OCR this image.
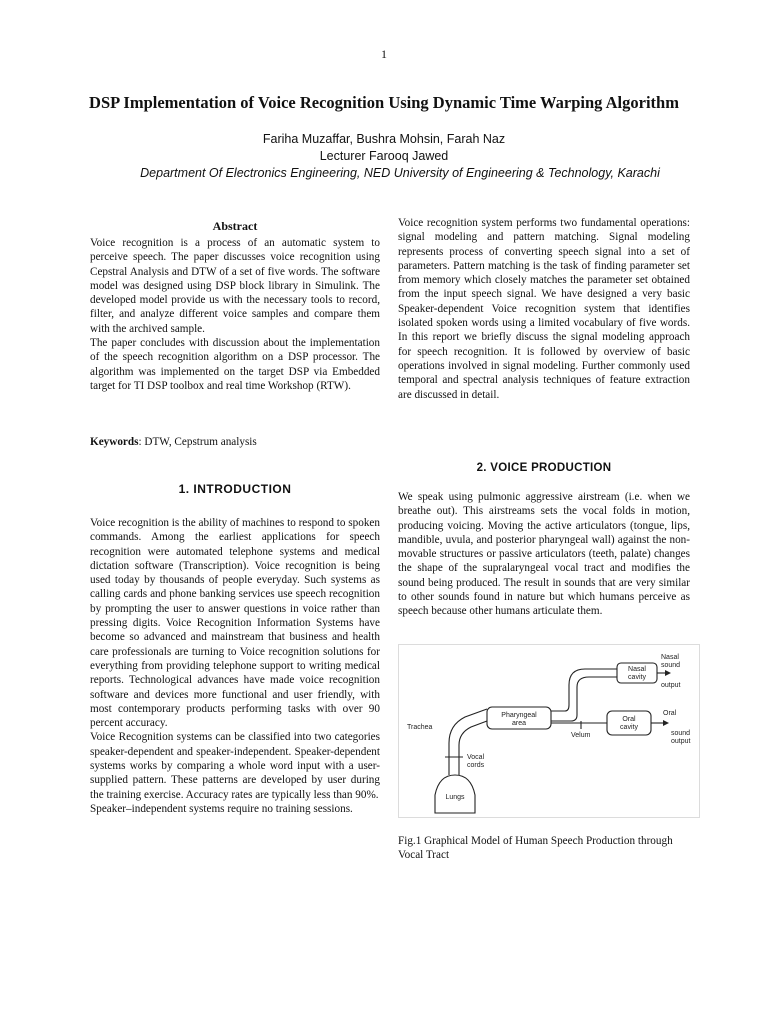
1
DSP Implementation of Voice Recognition Using Dynamic Time Warping Algorithm
Fariha Muzaffar, Bushra Mohsin, Farah Naz
Lecturer Farooq Jawed
Department Of Electronics Engineering, NED University of Engineering & Technology, Karachi
Abstract

Voice recognition is a process of an automatic system to perceive speech. The paper discusses voice recognition using Cepstral Analysis and DTW of a set of five words. The software model was designed using DSP block library in Simulink. The developed model provide us with the necessary tools to record, filter, and analyze different voice samples and compare them with the archived sample.

The paper concludes with discussion about the implementation of the speech recognition algorithm on a DSP processor. The algorithm was implemented on the target DSP via Embedded target for TI DSP toolbox and real time Workshop (RTW).

Keywords: DTW, Cepstrum analysis
1. INTRODUCTION

Voice recognition is the ability of machines to respond to spoken commands. Among the earliest applications for speech recognition were automated telephone systems and medical dictation software (Transcription). Voice recognition is being used today by thousands of people everyday. Such systems as calling cards and phone banking services use speech recognition by prompting the user to answer questions in voice rather than pressing digits. Voice Recognition Information Systems have become so advanced and mainstream that business and health care professionals are turning to Voice recognition solutions for everything from providing telephone support to writing medical reports. Technological advances have made voice recognition software and devices more functional and user friendly, with most contemporary products performing tasks with over 90 percent accuracy.

Voice Recognition systems can be classified into two categories speaker-dependent and speaker-independent. Speaker-dependent systems works by comparing a whole word input with a user-supplied pattern. These patterns are developed by user during the training exercise. Accuracy rates are typically less than 90%.

Speaker–independent systems require no training sessions.

Voice recognition system performs two fundamental operations: signal modeling and pattern matching. Signal modeling represents process of converting speech signal into a set of parameters. Pattern matching is the task of finding parameter set from memory which closely matches the parameter set obtained from the input speech signal. We have designed a very basic Speaker-dependent Voice recognition system that identifies isolated spoken words using a limited vocabulary of five words. In this report we briefly discuss the signal modeling approach for speech recognition. It is followed by overview of basic operations involved in signal modeling. Further commonly used temporal and spectral analysis techniques of feature extraction are discussed in detail.

2. VOICE PRODUCTION

We speak using pulmonic aggressive airstream (i.e. when we breathe out). This airstreams sets the vocal folds in motion, producing voicing. Moving the active articulators (tongue, lips, mandible, uvula, and posterior pharyngeal wall) against the non-movable structures or passive articulators (teeth, palate) changes the shape of the supralaryngeal vocal tract and modifies the sound being produced. The result in sounds that are very similar to other sounds found in nature but which humans perceive as speech because other humans articulate them.

Nasal
cavity
Nasal
sound
output
Pharyngeal
area
Oral
cavity
Oral
sound
output
Trachea
Velum
Vocal
cords
Lungs
Fig.1 Graphical Model of Human Speech Production through Vocal Tract
